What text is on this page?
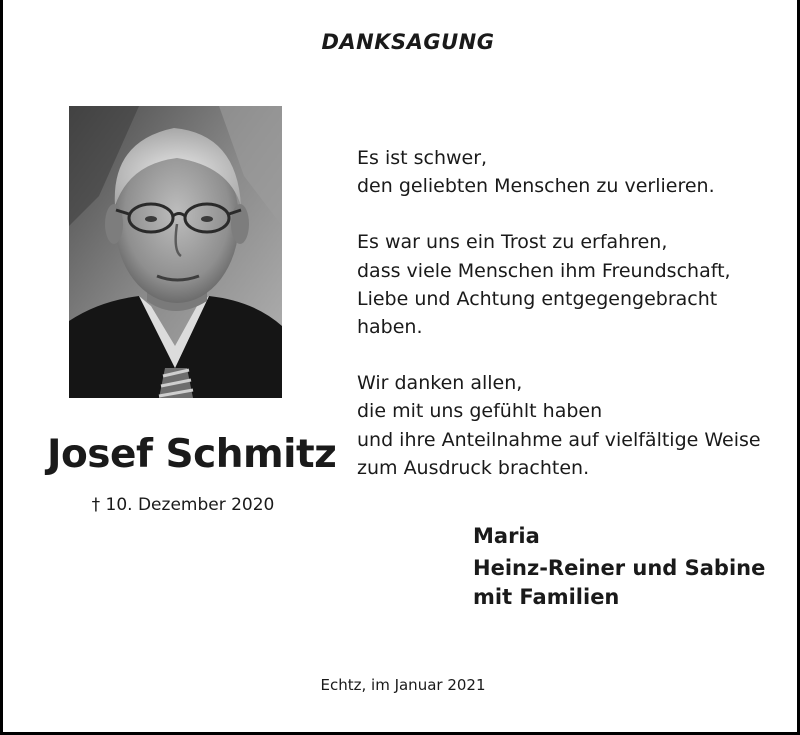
DANKSAGUNG
Josef Schmitz
† 10. Dezember 2020
Es ist schwer,
den geliebten Menschen zu verlieren.
Es war uns ein Trost zu erfahren,
dass viele Menschen ihm Freundschaft,
Liebe und Achtung entgegengebracht
haben.
Wir danken allen,
die mit uns gefühlt haben
und ihre Anteilnahme auf vielfältige Weise
zum Ausdruck brachten.
Maria
Heinz-Reiner und Sabine
mit Familien
Echtz, im Januar 2021
